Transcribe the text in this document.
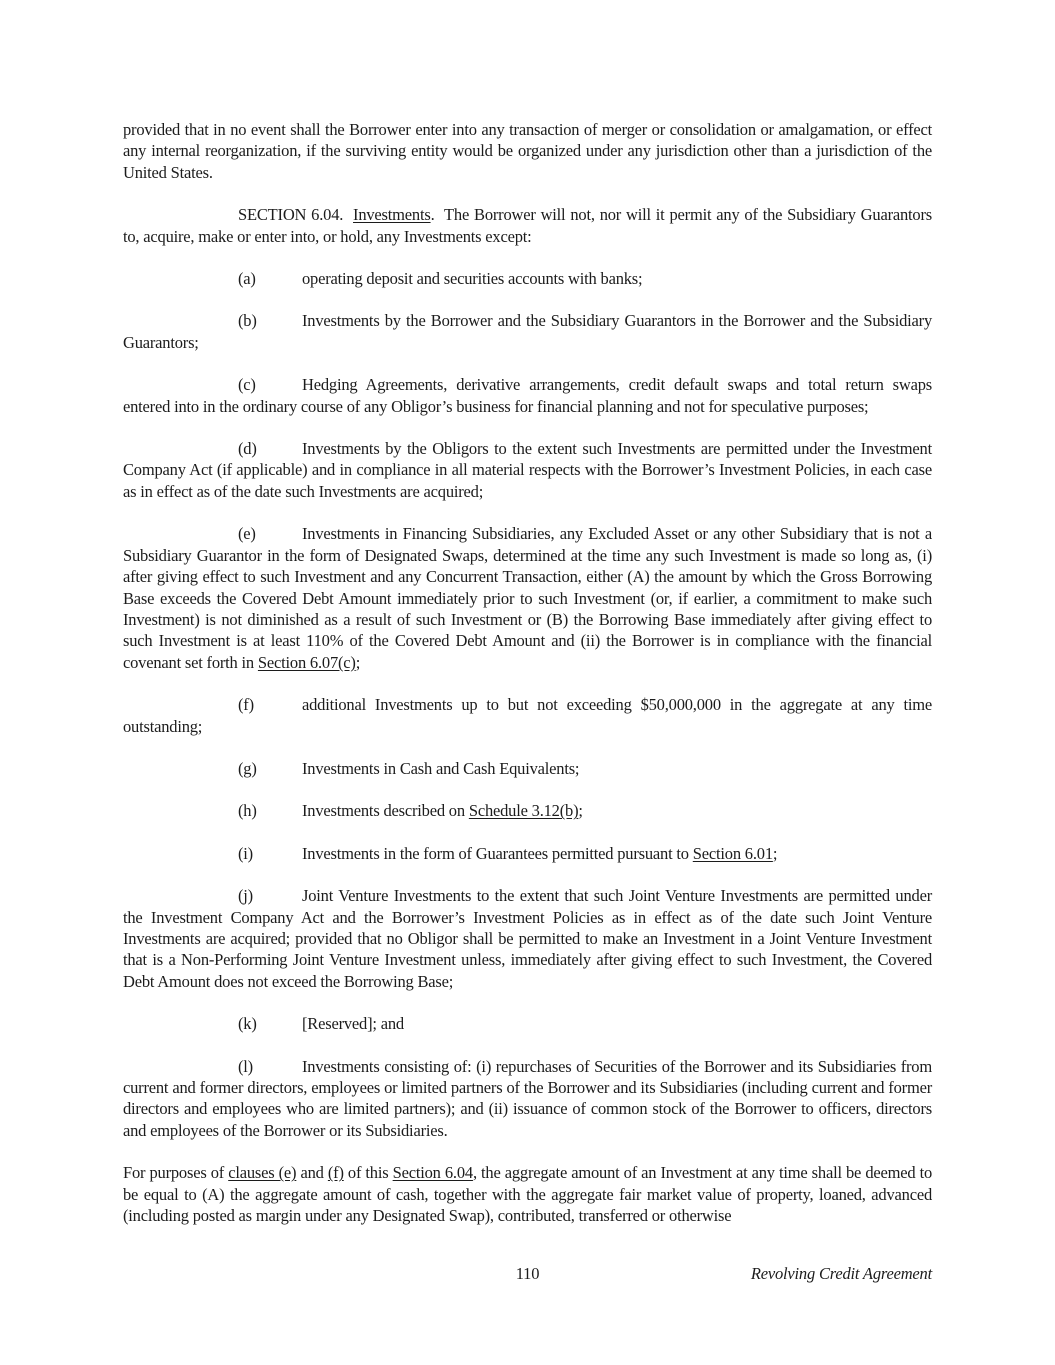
provided that in no event shall the Borrower enter into any transaction of merger or consolidation or amalgamation, or effect any internal reorganization, if the surviving entity would be organized under any jurisdiction other than a jurisdiction of the United States.

SECTION 6.04.  Investments.  The Borrower will not, nor will it permit any of the Subsidiary Guarantors to, acquire, make or enter into, or hold, any Investments except:

(a)	operating deposit and securities accounts with banks;

(b)	Investments by the Borrower and the Subsidiary Guarantors in the Borrower and the Subsidiary Guarantors;

(c)	Hedging Agreements, derivative arrangements, credit default swaps and total return swaps entered into in the ordinary course of any Obligor’s business for financial planning and not for speculative purposes;

(d)	Investments by the Obligors to the extent such Investments are permitted under the Investment Company Act (if applicable) and in compliance in all material respects with the Borrower’s Investment Policies, in each case as in effect as of the date such Investments are acquired;

(e)	Investments in Financing Subsidiaries, any Excluded Asset or any other Subsidiary that is not a Subsidiary Guarantor in the form of Designated Swaps, determined at the time any such Investment is made so long as, (i) after giving effect to such Investment and any Concurrent Transaction, either (A) the amount by which the Gross Borrowing Base exceeds the Covered Debt Amount immediately prior to such Investment (or, if earlier, a commitment to make such Investment) is not diminished as a result of such Investment or (B) the Borrowing Base immediately after giving effect to such Investment is at least 110% of the Covered Debt Amount and (ii) the Borrower is in compliance with the financial covenant set forth in Section 6.07(c);

(f)	additional Investments up to but not exceeding $50,000,000 in the aggregate at any time outstanding;

(g)	Investments in Cash and Cash Equivalents;

(h)	Investments described on Schedule 3.12(b);

(i)	Investments in the form of Guarantees permitted pursuant to Section 6.01;

(j)	Joint Venture Investments to the extent that such Joint Venture Investments are permitted under the Investment Company Act and the Borrower’s Investment Policies as in effect as of the date such Joint Venture Investments are acquired; provided that no Obligor shall be permitted to make an Investment in a Joint Venture Investment that is a Non-Performing Joint Venture Investment unless, immediately after giving effect to such Investment, the Covered Debt Amount does not exceed the Borrowing Base;

(k)	[Reserved]; and

(l)	Investments consisting of: (i) repurchases of Securities of the Borrower and its Subsidiaries from current and former directors, employees or limited partners of the Borrower and its Subsidiaries (including current and former directors and employees who are limited partners); and (ii) issuance of common stock of the Borrower to officers, directors and employees of the Borrower or its Subsidiaries.

For purposes of clauses (e) and (f) of this Section 6.04, the aggregate amount of an Investment at any time shall be deemed to be equal to (A) the aggregate amount of cash, together with the aggregate fair market value of property, loaned, advanced (including posted as margin under any Designated Swap), contributed, transferred or otherwise

110	Revolving Credit Agreement
